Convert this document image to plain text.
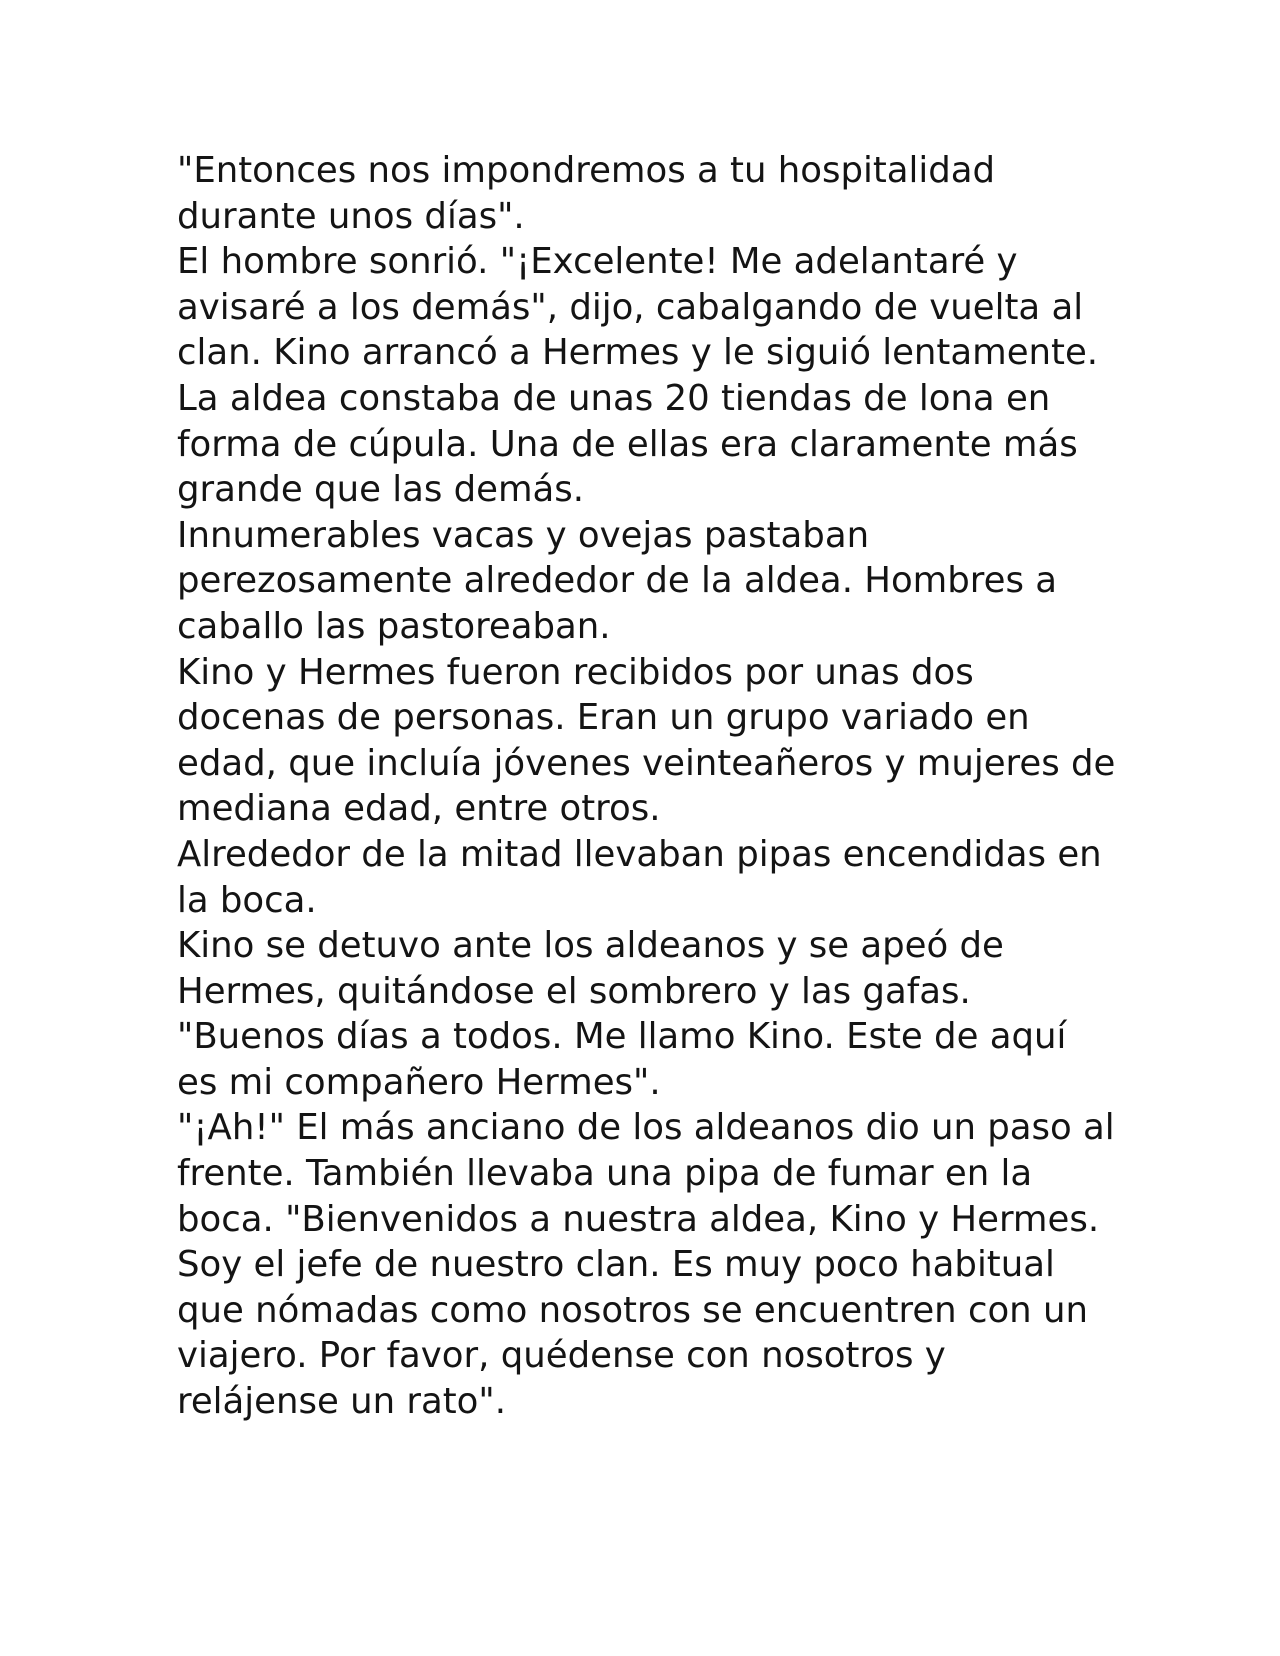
"Entonces nos impondremos a tu hospitalidad durante unos días".

El hombre sonrió. "¡Excelente! Me adelantaré y avisaré a los demás", dijo, cabalgando de vuelta al clan. Kino arrancó a Hermes y le siguió lentamente.

La aldea constaba de unas 20 tiendas de lona en forma de cúpula. Una de ellas era claramente más grande que las demás.

Innumerables vacas y ovejas pastaban perezosamente alrededor de la aldea. Hombres a caballo las pastoreaban.

Kino y Hermes fueron recibidos por unas dos docenas de personas. Eran un grupo variado en edad, que incluía jóvenes veinteañeros y mujeres de mediana edad, entre otros.

Alrededor de la mitad llevaban pipas encendidas en la boca.

Kino se detuvo ante los aldeanos y se apeó de Hermes, quitándose el sombrero y las gafas.

"Buenos días a todos. Me llamo Kino. Este de aquí es mi compañero Hermes".

"¡Ah!" El más anciano de los aldeanos dio un paso al frente. También llevaba una pipa de fumar en la boca. "Bienvenidos a nuestra aldea, Kino y Hermes. Soy el jefe de nuestro clan. Es muy poco habitual que nómadas como nosotros se encuentren con un viajero. Por favor, quédense con nosotros y relájense un rato".
